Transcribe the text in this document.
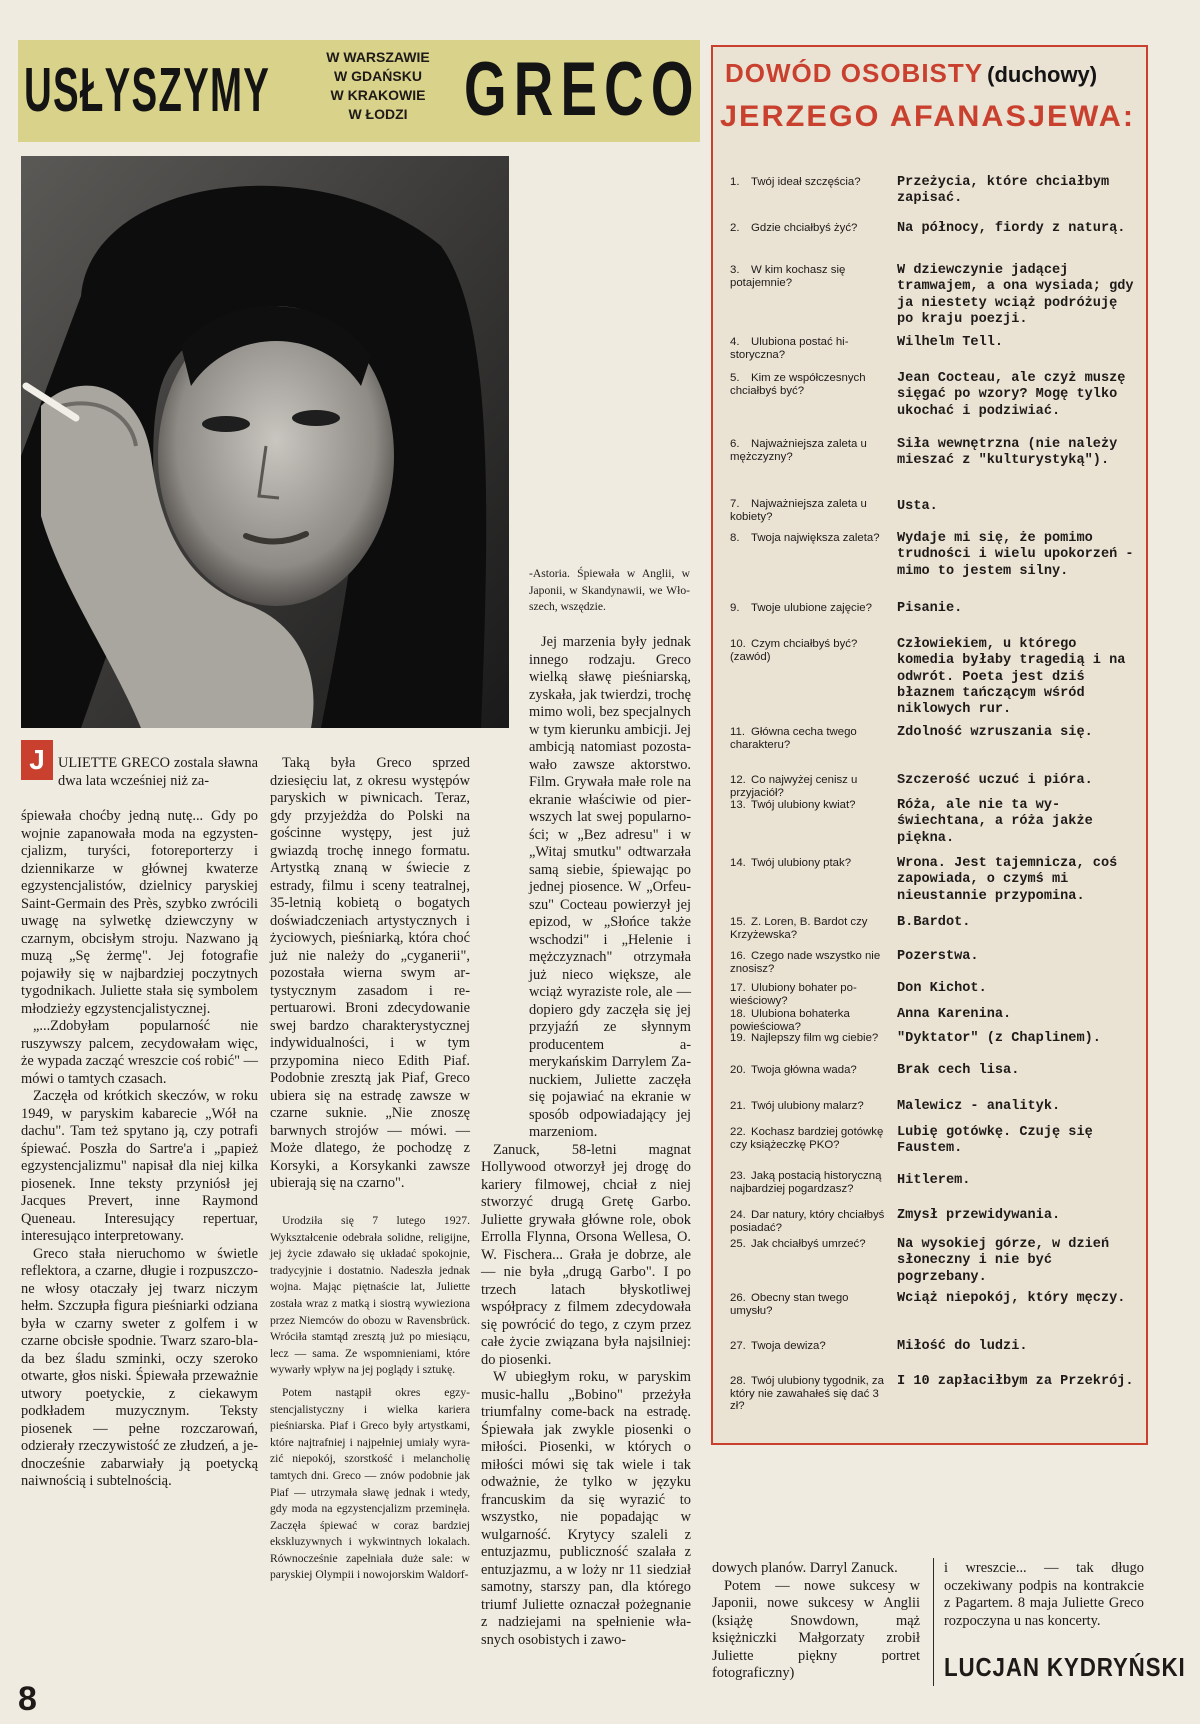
USŁYSZYMY	W WARSZAWIE
W GDAŃSKU
W KRAKOWIE
W ŁODZI GRECO
J ULIETTE GRECO zostala sławna dwa lata wcześniej niż za-

śpiewała choćby jedną nutę... Gdy po wojnie zapanowała moda na egzystencjalizm, turyści, fotoreporterzy i dziennikarze w głównej kwaterze egzystencjalistów, dzielnicy paryskiej Saint-Germain des Près, szybko zwrócili uwagę na sylwetkę dziewczyny w czarnym, obcisłym stroju. Nazwano ją muzą „Sę żermę". Jej fotografie pojawiły się w najbardziej poczytnych tygodnikach. Juliette stała się symbolem młodzieży egzystencjalistycznej.

„...Zdobyłam popularność nie ruszywszy palcem, zecydowałam więc, że wypada zacząć wreszcie coś robić" — mówi o tamtych czasach.

Zaczęła od krótkich skeczów, w roku 1949, w paryskim kabarecie „Wół na dachu". Tam też spytano ją, czy potrafi śpiewać. Poszła do Sartre'a i „papież egzystencjalizmu" napisał dla niej kilka piosenek. Inne teksty przyniósł jej Jacques Prevert, inne Raymond Queneau. Interesujący repertuar, interesująco interpretowany.

Greco stała nieruchomo w świetle reflektora, a czarne, długie i rozpuszczone włosy otaczały jej twarz niczym hełm. Szczupła figura pieśniarki odziana była w czarny sweter z golfem i w czarne obcisłe spodnie. Twarz szaro-blada bez śladu szminki, oczy szeroko otwarte, głos niski. Śpiewała przeważnie utwory poetyckie, z ciekawym podkładem muzycznym. Teksty piosenek — pełne rozczarowań, odzierały rzeczywistość ze złudzeń, a jednocześnie zabarwiały ją poetycką naiwnością i subtelnością.

Taką była Greco sprzed dziesięciu lat, z okresu występów paryskich w piwnicach. Teraz, gdy przyjeżdża do Polski na gościnne występy, jest już gwiazdą trochę innego formatu. Artystką znaną w świecie z estrady, filmu i sceny teatralnej, 35-letnią kobietą o bogatych doświadczeniach artystycznych i życiowych, pieśniarką, która choć już nie należy do „cyganerii", pozostała wierna swym artystycznym zasadom i repertuarowi. Broni zdecydowanie swej bardzo charakterystycznej indywidualności, i w tym przypomina nieco Edith Piaf. Podobnie zresztą jak Piaf, Greco ubiera się na estradę zawsze w czarne suknie. „Nie znoszę barwnych strojów — mówi. — Może dlatego, że pochodzę z Korsyki, a Korsykanki zawsze ubierają się na czarno".

Urodziła się 7 lutego 1927. Wykształcenie odebrała solidne, religijne, jej życie zdawało się układać spokojnie, tradycyjnie i dostatnio. Nadeszła jednak wojna. Mając piętnaście lat, Juliette została wraz z matką i siostrą wywieziona przez Niemców do obozu w Ravensbrück. Wróciła stamtąd zresztą już po miesiącu, lecz — sama. Ze wspomnieniami, które wywarły wpływ na jej poglądy i sztukę.

Potem nastąpił okres egzystencjalistyczny i wielka kariera pieśniarska. Piaf i Greco były artystkami, które najtrafniej i najpełniej umiały wyrazić niepokój, szorstkość i melancholię tamtych dni. Greco — znów podobnie jak Piaf — utrzymała sławę jednak i wtedy, gdy moda na egzystencjalizm przeminęła. Zaczęła śpiewać w coraz bardziej ekskluzywnych i wykwintnych lokalach. Równocześnie zapełniała duże sale: w paryskiej Olympii i nowojorskim Waldorf-

-Astoria. Śpiewała w Anglii, w Japonii, w Skandynawii, we Włoszech, wszędzie.

Jej marzenia były jednak innego rodzaju. Greco wielką sławę pieśniarską, zyskała, jak twierdzi, trochę mimo woli, bez specjalnych w tym kierunku ambicji. Jej ambicją natomiast pozostawało zawsze aktorstwo. Film. Grywała małe role na ekranie właściwie od pierwszych lat swej popularności; w „Bez adresu" i w „Witaj smutku" odtwarzała samą siebie, śpiewając po jednej piosence. W „Orfeuszu" Cocteau powierzył jej epizod, w „Słońce także wschodzi" i „Helenie i mężczyznach" otrzymała już nieco większe, ale wciąż wyraziste role, ale — dopiero gdy zaczęła się jej przyjaźń ze słynnym producentem amerykańskim Darrylem Zanuckiem, Juliette zaczęła się pojawiać na ekranie w sposób odpowiadający jej marzeniom.

Zanuck, 58-letni magnat Hollywood otworzył jej drogę do kariery filmowej, chciał z niej stworzyć drugą Gretę Garbo. Juliette grywała główne role, obok Errolla Flynna, Orsona Wellesa, O. W. Fischera... Grała je dobrze, ale — nie była „drugą Garbo". I po trzech latach błyskotliwej współpracy z filmem zdecydowała się powrócić do tego, z czym przez całe życie związana była najsilniej: do piosenki.

W ubiegłym roku, w paryskim music-hallu „Bobino" przeżyła triumfalny come-back na estradę. Śpiewała jak zwykle piosenki o miłości. Piosenki, w których o miłości mówi się tak wiele i tak odważnie, że tylko w języku francuskim da się wyrazić to wszystko, nie popadając w wulgarność. Krytycy szaleli z entuzjazmu, publiczność szalała z entuzjazmu, a w loży nr 11 siedział samotny, starszy pan, dla którego triumf Juliette oznaczał pożegnanie z nadziejami na spełnienie własnych osobistych i zawo-

dowych planów. Darryl Zanuck.

Potem — nowe sukcesy w Japonii, nowe sukcesy w Anglii (książę Snowdown, mąż księżniczki Małgorzaty zrobił Juliette piękny portret fotograficzny)

i wreszcie... — tak długo oczekiwany podpis na kontrakcie z Pagartem. 8 maja Juliette Greco rozpoczyna u nas koncerty.

LUCJAN KYDRYŃSKI
DOWÓD OSOBISTY (duchowy)
JERZEGO AFANASJEWA:
1. Twój ideał szczęścia?	Przeżycia, które chciałbym zapisać.
2. Gdzie chciałbyś żyć?	Na północy, fiordy z naturą.
3. W kim kochasz się potajemnie?
W dziewczynie jadącej tramwajem, a ona wysiada; gdy ja niestety wciąż podróżuję po kraju poezji.
4. Ulubiona postać historyczna?
Wilhelm Tell.
5. Kim ze współczesnych chciałbyś być?
Jean Cocteau, ale czyż muszę sięgać po wzory? Mogę tylko ukochać i podziwiać.
6. Najważniejsza zaleta u mężczyzny?
Siła wewnętrzna (nie należy mieszać z "kulturystyką").
7. Najważniejsza zaleta u kobiety?
Usta.
8. Twoja największa zaleta?	Wydaje mi się, że pomimo trudności i wielu upokorzeń - mimo to jestem silny.
9. Twoje ulubione zajęcie?	Pisanie.
10. Czym chciałbyś być? (zawód)
Człowiekiem, u którego komedia byłaby tragedią i na odwrót. Poeta jest dziś błaznem tańczącym wśród niklowych rur.
11. Główna cecha twego charakteru?
Zdolność wzruszania się.
12. Co najwyżej cenisz u przyjaciół?
Szczerość uczuć i pióra.
13. Twój ulubiony kwiat?	Róża, ale nie ta wyświechtana, a róża jakże piękna.
14. Twój ulubiony ptak?	Wrona. Jest tajemnicza, coś zapowiada, o czymś mi nieustannie przypomina.
15. Z. Loren, B. Bardot czy Krzyżewska?
B.Bardot.
16. Czego nade wszystko nie znosisz?
Pozerstwa.
17. Ulubiony bohater powieściowy?
Don Kichot.
18. Ulubiona bohaterka powieściowa?
Anna Karenina.
19. Najlepszy film wg ciebie?	"Dyktator" (z Chaplinem).
20. Twoja główna wada?	Brak cech lisa.
21. Twój ulubiony malarz?	Malewicz - analityk.
22. Kochasz bardziej gotówkę czy książeczkę PKO?
Lubię gotówkę. Czuję się Faustem.
23. Jaką postacią historyczną najbardziej pogardzasz?
Hitlerem.
24. Dar natury, który chciałbyś posiadać?
Zmysł przewidywania.
25. Jak chciałbyś umrzeć?	Na wysokiej górze, w dzień słoneczny i nie być pogrzebany.
26. Obecny stan twego umysłu?
Wciąż niepokój, który męczy.
27. Twoja dewiza?	Miłość do ludzi.
28. Twój ulubiony tygodnik, za który nie zawahałeś się dać 3 zł?
I 10 zapłaciłbym za Przekrój.
8
